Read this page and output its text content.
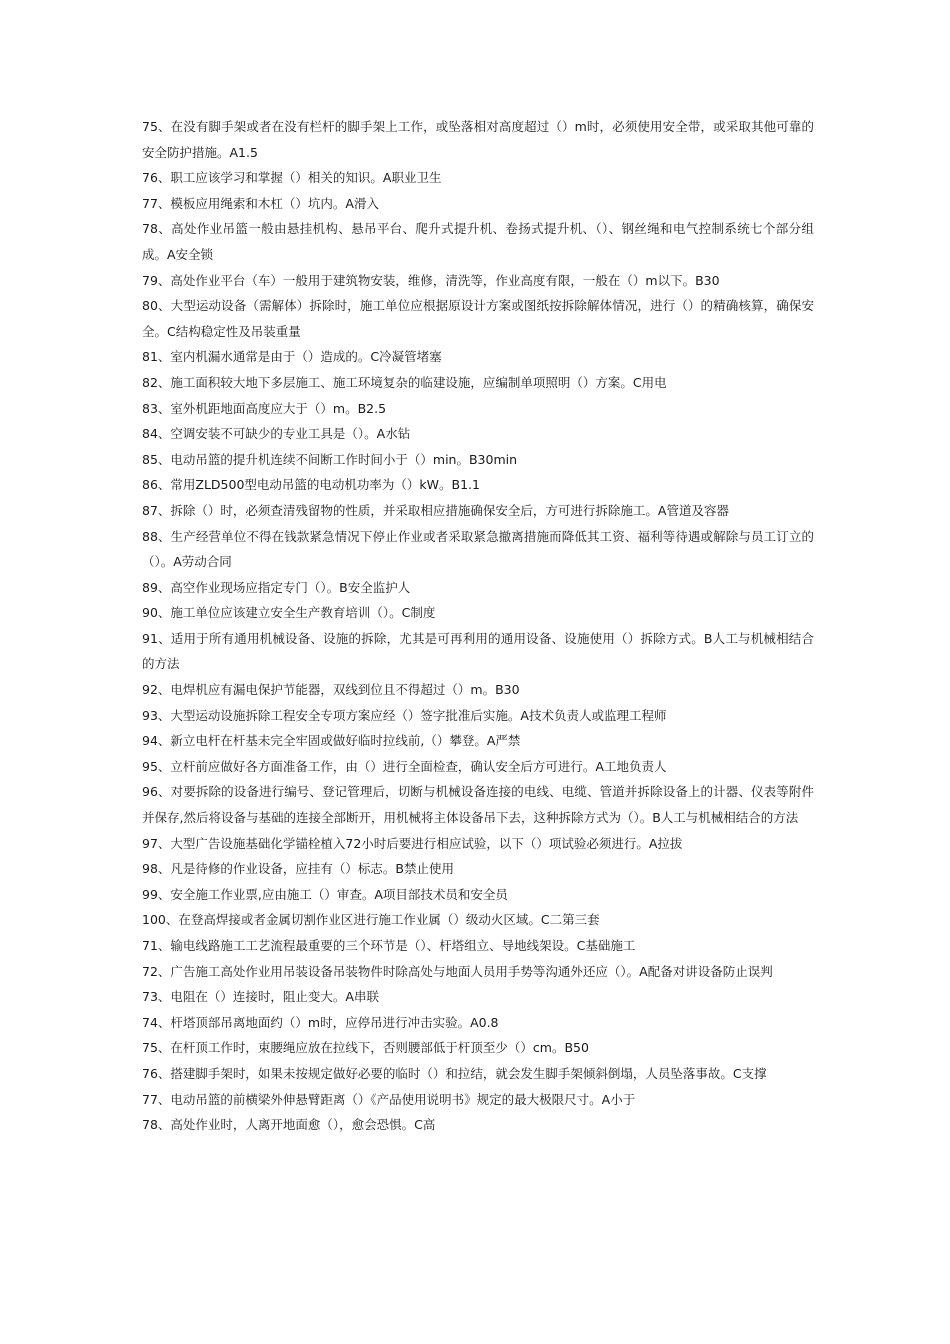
75、在没有脚手架或者在没有栏杆的脚手架上工作，或坠落相对高度超过（）m时，必须使用安全带，或采取其他可靠的安全防护措施。A1.5

76、职工应该学习和掌握（）相关的知识。A职业卫生

77、模板应用绳索和木杠（）坑内。A滑入

78、高处作业吊篮一般由悬挂机构、悬吊平台、爬升式提升机、卷扬式提升机、（）、钢丝绳和电气控制系统七个部分组成。A安全锁

79、高处作业平台（车）一般用于建筑物安装，维修，清洗等，作业高度有限，一般在（）m以下。B30

80、大型运动设备（需解体）拆除时，施工单位应根据原设计方案或图纸按拆除解体情况，进行（）的精确核算，确保安全。C结构稳定性及吊装重量

81、室内机漏水通常是由于（）造成的。C冷凝管堵塞

82、施工面积较大地下多层施工、施工环境复杂的临建设施，应编制单项照明（）方案。C用电

83、室外机距地面高度应大于（）m。B2.5

84、空调安装不可缺少的专业工具是（）。A水钻

85、电动吊篮的提升机连续不间断工作时间小于（）min。B30min

86、常用ZLD500型电动吊篮的电动机功率为（）kW。B1.1

87、拆除（）时，必须查清残留物的性质，并采取相应措施确保安全后，方可进行拆除施工。A管道及容器

88、生产经营单位不得在钱款紧急情况下停止作业或者采取紧急撤离措施而降低其工资、福利等待遇或解除与员工订立的（）。A劳动合同

89、高空作业现场应指定专门（）。B安全监护人

90、施工单位应该建立安全生产教育培训（）。C制度

91、适用于所有通用机械设备、设施的拆除，尤其是可再利用的通用设备、设施使用（）拆除方式。B人工与机械相结合的方法

92、电焊机应有漏电保护节能器，双线到位且不得超过（）m。B30

93、大型运动设施拆除工程安全专项方案应经（）签字批准后实施。A技术负责人或监理工程师

94、新立电杆在杆基未完全牢固或做好临时拉线前,（）攀登。A严禁

95、立杆前应做好各方面准备工作，由（）进行全面检查，确认安全后方可进行。A工地负责人

96、对要拆除的设备进行编号、登记管理后，切断与机械设备连接的电线、电缆、管道并拆除设备上的计器、仪表等附件并保存,然后将设备与基础的连接全部断开，用机械将主体设备吊下去，这种拆除方式为（）。B人工与机械相结合的方法

97、大型广告设施基础化学锚栓植入72小时后要进行相应试验，以下（）项试验必须进行。A拉拔

98、凡是待修的作业设备，应挂有（）标志。B禁止使用

99、安全施工作业票,应由施工（）审查。A项目部技术员和安全员

100、在登高焊接或者金属切割作业区进行施工作业属（）级动火区域。C二第三套

71、输电线路施工工艺流程最重要的三个环节是（）、杆塔组立、导地线架设。C基础施工

72、广告施工高处作业用吊装设备吊装物件时除高处与地面人员用手势等沟通外还应（）。A配备对讲设备防止误判

73、电阻在（）连接时，阻止变大。A串联

74、杆塔顶部吊离地面约（）m时，应停吊进行冲击实验。A0.8

75、在杆顶工作时，束腰绳应放在拉线下，否则腰部低于杆顶至少（）cm。B50

76、搭建脚手架时，如果未按规定做好必要的临时（）和拉结，就会发生脚手架倾斜倒塌，人员坠落事故。C支撑

77、电动吊篮的前横梁外伸悬臂距离（）《产品使用说明书》规定的最大极限尺寸。A小于

78、高处作业时，人离开地面愈（），愈会恐惧。C高
